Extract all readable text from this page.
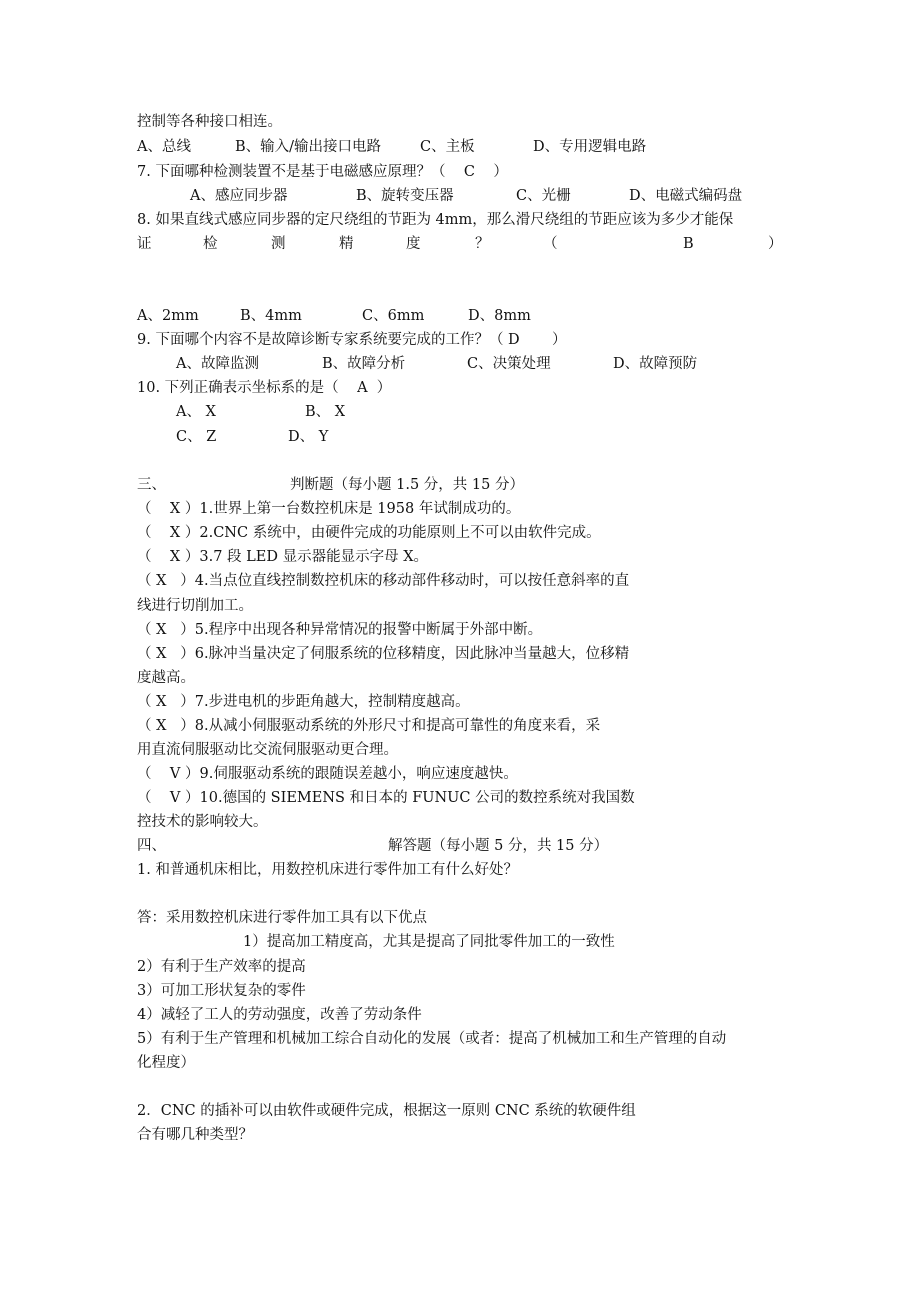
控制等各种接口相连。
A、总线	B、输入/输出接口电路	C、主板	D、专用逻辑电路
7. 下面哪种检测装置不是基于电磁感应原理？（    C    ）
A、感应同步器	B、旋转变压器	C、光栅	D、电磁式编码盘
8. 如果直线式感应同步器的定尺绕组的节距为 4mm，那么滑尺绕组的节距应该为多少才能保
证	检	测	精	度	？	（	B	）
A、2mm	B、4mm	C、6mm	D、8mm
9. 下面哪个内容不是故障诊断专家系统要完成的工作？（ D       ）
A、故障监测	B、故障分析	C、决策处理	D、故障预防
10. 下列正确表示坐标系的是（    A  ）
A、 X	B、 X
C、 Z	D、 Y
三、	判断题（每小题 1.5 分，共 15 分）
（    X ）1.世界上第一台数控机床是 1958 年试制成功的。
（    X ）2.CNC 系统中，由硬件完成的功能原则上不可以由软件完成。
（    X ）3.7 段 LED 显示器能显示字母 X。
（ X   ）4.当点位直线控制数控机床的移动部件移动时，可以按任意斜率的直
线进行切削加工。
（ X   ）5.程序中出现各种异常情况的报警中断属于外部中断。
（ X   ）6.脉冲当量决定了伺服系统的位移精度，因此脉冲当量越大，位移精
度越高。
（ X   ）7.步进电机的步距角越大，控制精度越高。
（ X   ）8.从减小伺服驱动系统的外形尺寸和提高可靠性的角度来看，采
用直流伺服驱动比交流伺服驱动更合理。
（    V ）9.伺服驱动系统的跟随误差越小，响应速度越快。
（    V ）10.德国的 SIEMENS 和日本的 FUNUC 公司的数控系统对我国数
控技术的影响较大。
四、	解答题（每小题 5 分，共 15 分）
1. 和普通机床相比，用数控机床进行零件加工有什么好处？
答：采用数控机床进行零件加工具有以下优点
1）提高加工精度高，尤其是提高了同批零件加工的一致性
2）有利于生产效率的提高
3）可加工形状复杂的零件
4）减轻了工人的劳动强度，改善了劳动条件
5）有利于生产管理和机械加工综合自动化的发展（或者：提高了机械加工和生产管理的自动
化程度）
2．CNC 的插补可以由软件或硬件完成，根据这一原则 CNC 系统的软硬件组
合有哪几种类型？
